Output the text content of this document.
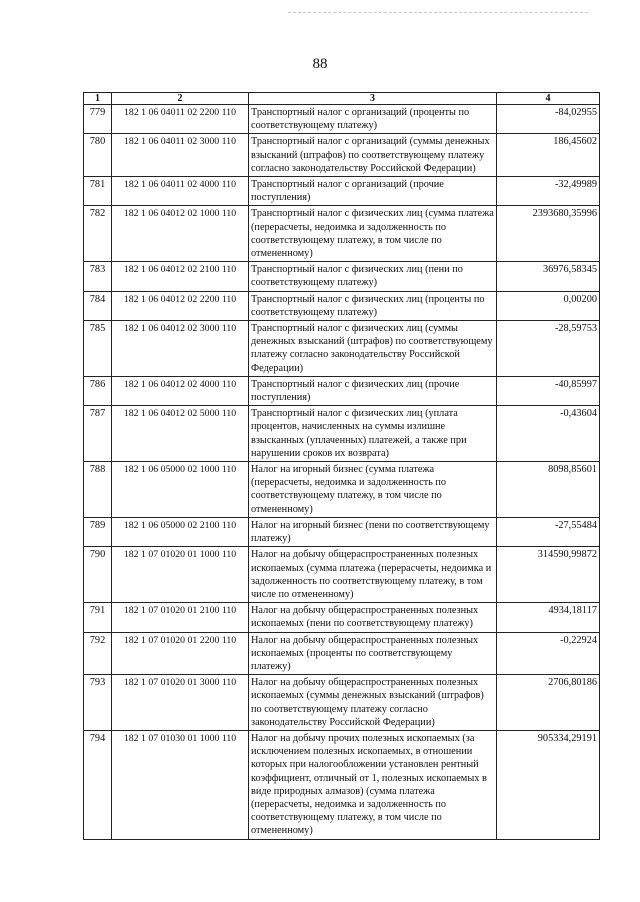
88
1	2	3	4
779	182 1 06 04011 02 2200 110	Транспортный налог с организаций (проценты по соответствующему платежу)	-84,02955
780	182 1 06 04011 02 3000 110	Транспортный налог с организаций (суммы денежных взысканий (штрафов) по соответствующему платежу согласно законодательству Российской Федерации)	186,45602
781	182 1 06 04011 02 4000 110	Транспортный налог с организаций (прочие поступления)	-32,49989
782	182 1 06 04012 02 1000 110	Транспортный налог с физических лиц (сумма платежа (перерасчеты, недоимка и задолженность по соответствующему платежу, в том числе по отмененному)	2393680,35996
783	182 1 06 04012 02 2100 110	Транспортный налог с физических лиц (пени по соответствующему платежу)	36976,58345
784	182 1 06 04012 02 2200 110	Транспортный налог с физических лиц (проценты по соответствующему платежу)	0,00200
785	182 1 06 04012 02 3000 110	Транспортный налог с физических лиц (суммы денежных взысканий (штрафов) по соответствующему платежу согласно законодательству Российской Федерации)	-28,59753
786	182 1 06 04012 02 4000 110	Транспортный налог с физических лиц (прочие поступления)	-40,85997
787	182 1 06 04012 02 5000 110	Транспортный налог с физических лиц (уплата процентов, начисленных на суммы излишне взысканных (уплаченных) платежей, а также при нарушении сроков их возврата)	-0,43604
788	182 1 06 05000 02 1000 110	Налог на игорный бизнес (сумма платежа (перерасчеты, недоимка и задолженность по соответствующему платежу, в том числе по отмененному)	8098,85601
789	182 1 06 05000 02 2100 110	Налог на игорный бизнес (пени по соответствующему платежу)	-27,55484
790	182 1 07 01020 01 1000 110	Налог на добычу общераспространенных полезных ископаемых (сумма платежа (перерасчеты, недоимка и задолженность по соответствующему платежу, в том числе по отмененному)	314590,99872
791	182 1 07 01020 01 2100 110	Налог на добычу общераспространенных полезных ископаемых (пени по соответствующему платежу)	4934,18117
792	182 1 07 01020 01 2200 110	Налог на добычу общераспространенных полезных ископаемых (проценты по соответствующему платежу)	-0,22924
793	182 1 07 01020 01 3000 110	Налог на добычу общераспространенных полезных ископаемых (суммы денежных взысканий (штрафов) по соответствующему платежу согласно законодательству Российской Федерации)	2706,80186
794	182 1 07 01030 01 1000 110	Налог на добычу прочих полезных ископаемых (за исключением полезных ископаемых, в отношении которых при налогообложении установлен рентный коэффициент, отличный от 1, полезных ископаемых в виде природных алмазов) (сумма платежа (перерасчеты, недоимка и задолженность по соответствующему платежу, в том числе по отмененному)	905334,29191
